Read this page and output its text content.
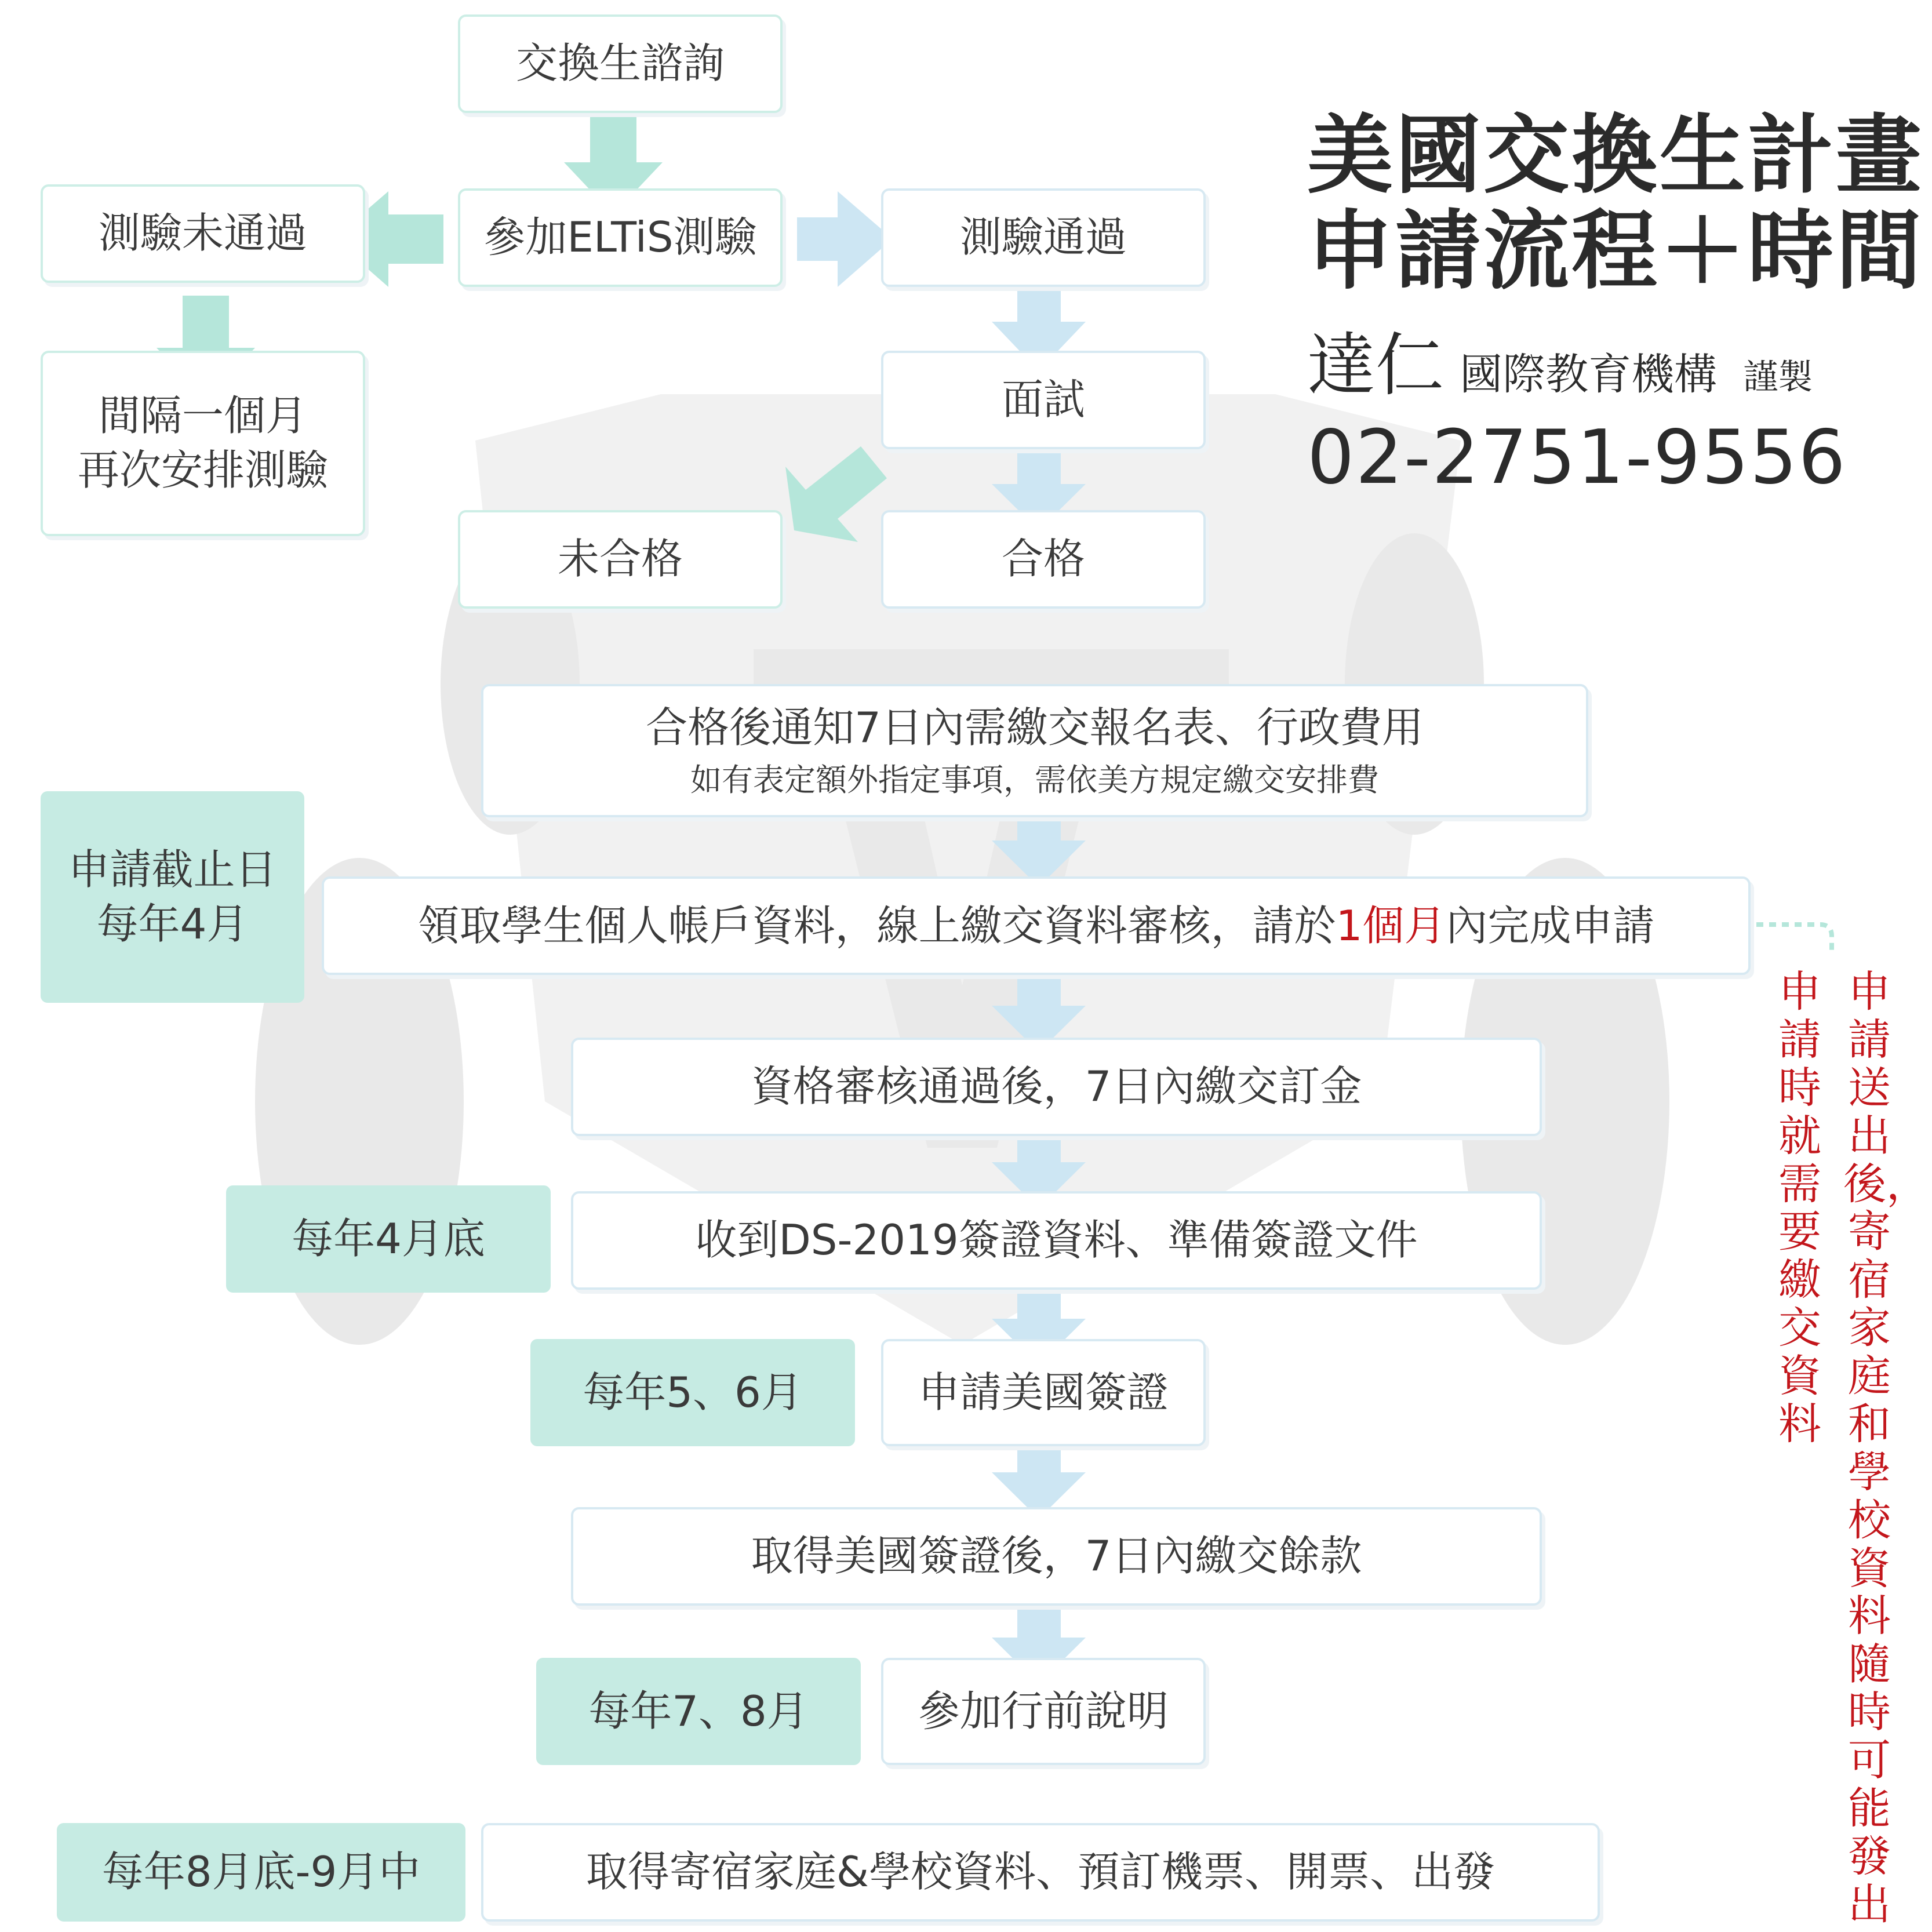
美國交換生計畫
申請流程＋時間
達仁 國際教育機構 謹製
02-2751-9556
交換生諮詢
參加ELTiS測驗
測驗未通過	測驗通過
間隔一個月
再次安排測驗
面試
未合格	合格
合格後通知7日內需繳交報名表、行政費用
如有表定額外指定事項，需依美方規定繳交安排費
領取學生個人帳戶資料，線上繳交資料審核，請於1個月內完成申請
資格審核通過後，7日內繳交訂金
收到DS-2019簽證資料、準備簽證文件
申請美國簽證
取得美國簽證後，7日內繳交餘款
參加行前說明
取得寄宿家庭&學校資料、預訂機票、開票、出發
申請截止日
每年4月
每年4月底
每年5、6月
每年7、8月
每年8月底-9月中
申請送出後，寄宿家庭和學校資料隨時可能發出
申請時就需要繳交資料
